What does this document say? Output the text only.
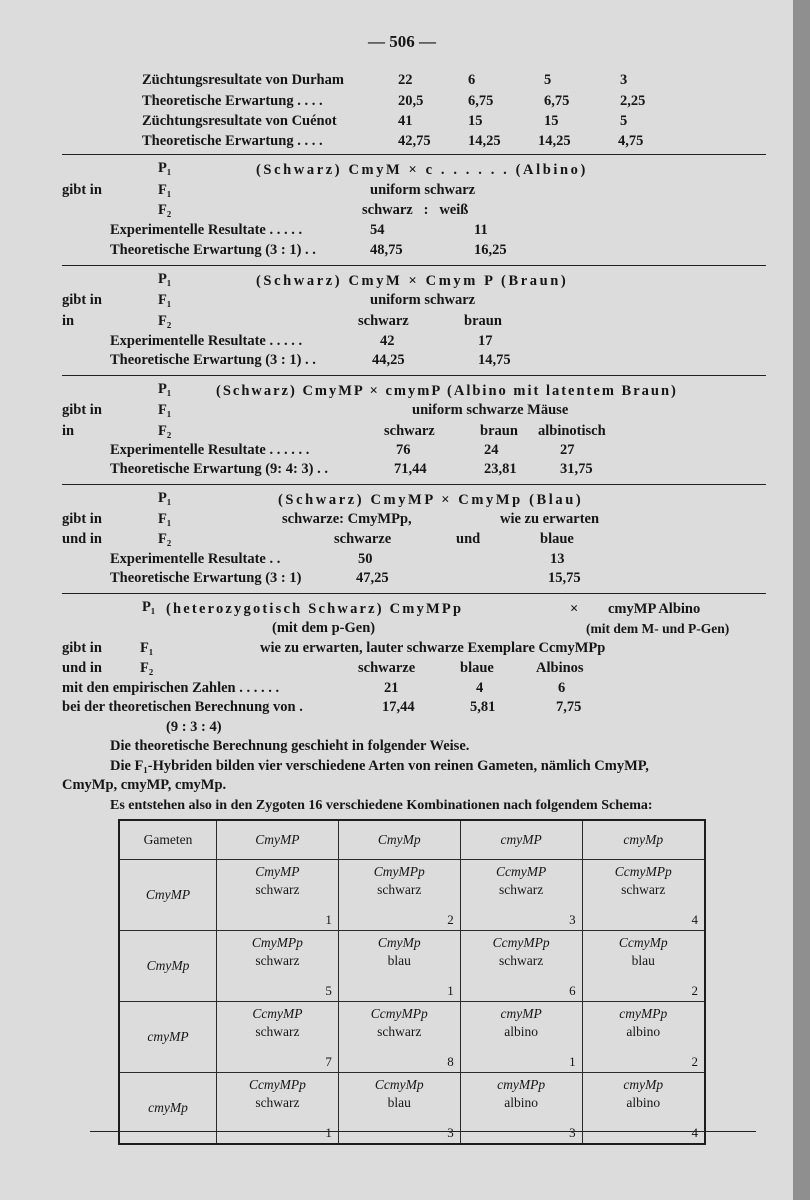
— 506 —
Züchtungsresultate von Durham	22	6	5	3
Theoretische Erwartung . . . .	20,5	6,75	6,75	2,25
Züchtungsresultate von Cuénot	41	15	15	5
Theoretische Erwartung . . . .	42,75	14,25	14,25	4,75
P₁	(Schwarz) CmyM × c . . . . . . (Albino)
gibt in	F₁	uniform schwarz
F₂	schwarz   :   weiß
Experimentelle Resultate . . . . .	54	11
Theoretische Erwartung (3 : 1) . .	48,75	16,25
P₁	(Schwarz) CmyM × Cmym P (Braun)
gibt in	F₁	uniform schwarz
in	F₂	schwarz	braun
Experimentelle Resultate . . . . .	42	17
Theoretische Erwartung (3 : 1) . .	44,25	14,75
P₁	(Schwarz) CmyMP × cmymP (Albino mit latentem Braun)
gibt in	F₁	uniform schwarze Mäuse
in	F₂	schwarz	braun albinotisch
Experimentelle Resultate . . . . . .	76	24	27
Theoretische Erwartung (9: 4: 3) . .	71,44	23,81	31,75
P₁	(Schwarz) CmyMP × CmyMp (Blau)
gibt in	F₁	schwarze: CmyMPp,	wie zu erwarten
und in	F₂	schwarze	und	blaue
Experimentelle Resultate . .	50	13
Theoretische Erwartung (3 : 1)	47,25	15,75
P₁ (heterozygotisch Schwarz) CmyMPp	× cmyMP Albino
(mit dem p-Gen)	(mit dem M- und P-Gen)
gibt in	F₁	wie zu erwarten, lauter schwarze Exemplare CcmyMPp
und in	F₂	schwarze	blaue	Albinos
mit den empirischen Zahlen . . . . . .	21	4	6
bei der theoretischen Berechnung von .	17,44	5,81	7,75
(9 : 3 : 4)
Die theoretische Berechnung geschieht in folgender Weise.
Die F₁-Hybriden bilden vier verschiedene Arten von reinen Gameten, nämlich CmyMP,
CmyMp, cmyMP, cmyMp.
Es entstehen also in den Zygoten 16 verschiedene Kombinationen nach folgendem Schema:
Gameten	CmyMP	CmyMp	cmyMP	cmyMp
CmyMP	CmyMP
schwarz
1	CmyMPp
schwarz
2	CcmyMP
schwarz
3	CcmyMPp
schwarz
4

CmyMp	CmyMPp
schwarz
5	CmyMp
blau
1	CcmyMPp
schwarz
6	CcmyMp
blau
2

cmyMP	CcmyMP
schwarz
7	CcmyMPp
schwarz
8	cmyMP
albino
1	cmyMPp
albino
2

cmyMp	CcmyMPp
schwarz
1	CcmyMp
blau
3	cmyMPp
albino
3	cmyMp
albino
4
